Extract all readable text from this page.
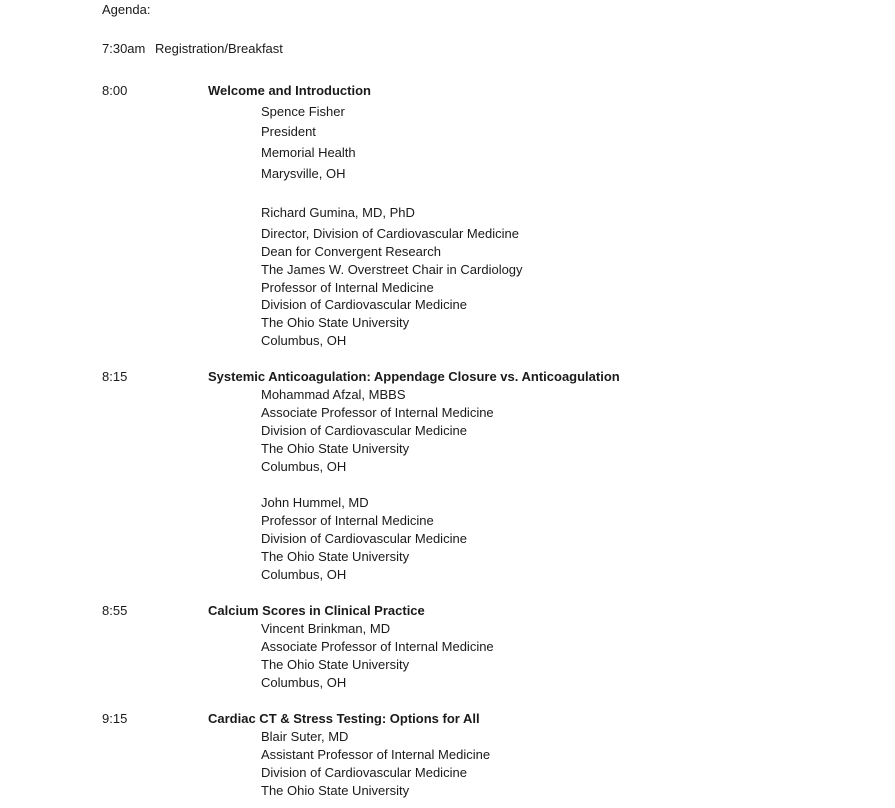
Agenda:
7:30am Registration/Breakfast
8:00	Welcome and Introduction
Spence Fisher
President
Memorial Health
Marysville, OH
Richard Gumina, MD, PhD
Director, Division of Cardiovascular Medicine
Dean for Convergent Research
The James W. Overstreet Chair in Cardiology
Professor of Internal Medicine
Division of Cardiovascular Medicine
The Ohio State University
Columbus, OH
8:15	Systemic Anticoagulation: Appendage Closure vs. Anticoagulation
Mohammad Afzal, MBBS
Associate Professor of Internal Medicine
Division of Cardiovascular Medicine
The Ohio State University
Columbus, OH
John Hummel, MD
Professor of Internal Medicine
Division of Cardiovascular Medicine
The Ohio State University
Columbus, OH
8:55	Calcium Scores in Clinical Practice
Vincent Brinkman, MD
Associate Professor of Internal Medicine
The Ohio State University
Columbus, OH
9:15	Cardiac CT & Stress Testing: Options for All
Blair Suter, MD
Assistant Professor of Internal Medicine
Division of Cardiovascular Medicine
The Ohio State University
